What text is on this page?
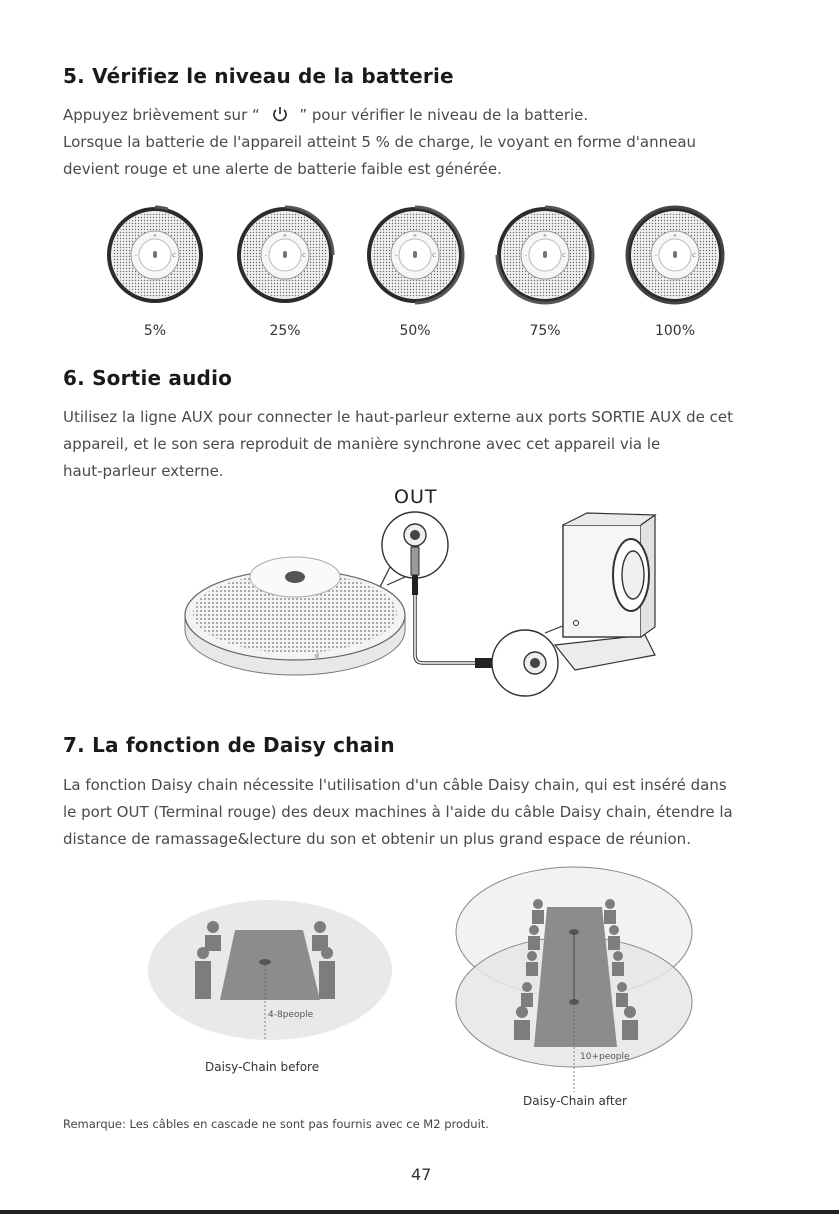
5. Vérifiez le niveau de la batterie
Appuyez brièvement sur “	” pour vérifier le niveau de la batterie.
Lorsque la batterie de l'appareil atteint 5 % de charge, le voyant en forme d'anneau
devient rouge et une alerte de batterie faible est générée.
+
-	C
5%	25%	50%	75%	100%
6. Sortie audio
Utilisez la ligne AUX pour connecter le haut-parleur externe aux ports SORTIE AUX de cet
appareil, et le son sera reproduit de manière synchrone avec cet appareil via le
haut-parleur externe.
OUT
ıl
7. La fonction de Daisy chain
La fonction Daisy chain nécessite l'utilisation d'un câble Daisy chain, qui est inséré dans
le port OUT (Terminal rouge) des deux machines à l'aide du câble Daisy chain, étendre la
distance de ramassage&lecture du son et obtenir un plus grand espace de réunion.
4-8people
Daisy-Chain before
10+people
Daisy-Chain after
Remarque: Les câbles en cascade ne sont pas fournis avec ce M2 produit.
47
